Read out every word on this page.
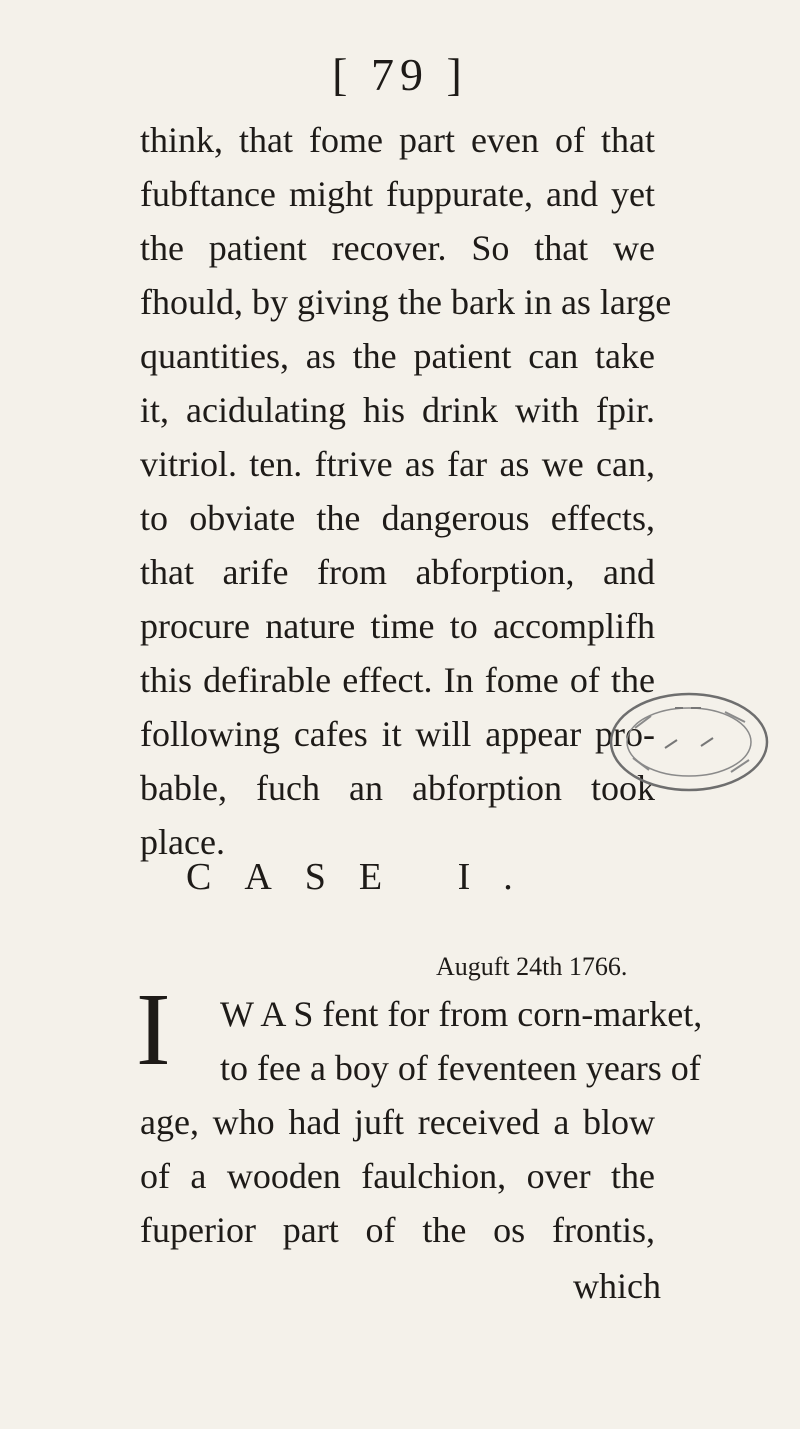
[ 79 ]
think, that fome part even of that
fubftance might fuppurate, and yet
the patient recover. So that we
fhould, by giving the bark in as large
quantities, as the patient can take
it, acidulating his drink with fpir.
vitriol. ten. ftrive as far as we can,
to obviate the dangerous effects,
that arife from abforption, and
procure nature time to accomplifh
this defirable effect. In fome of the
following cafes it will appear pro-
bable, fuch an abforption took
place.
CASE I.
Auguft 24th 1766.
I W A S fent for from corn-market,
to fee a boy of feventeen years of
age, who had juft received a blow
of a wooden faulchion, over the
fuperior part of the os frontis,
which
